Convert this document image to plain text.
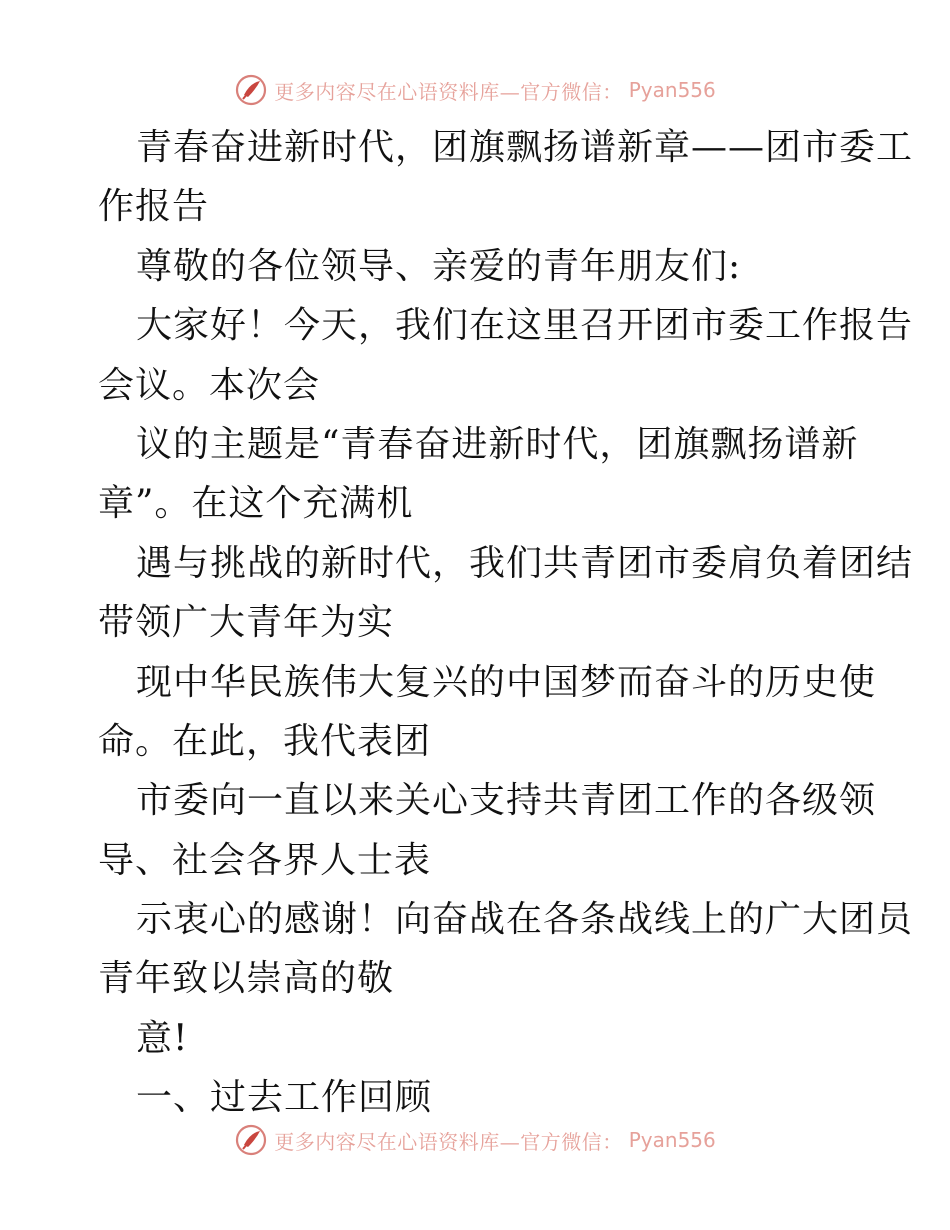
更多内容尽在心语资料库—官方微信： Pyan556
青春奋进新时代，团旗飘扬谱新章——团市委工
作报告
尊敬的各位领导、亲爱的青年朋友们:
大家好！今天，我们在这里召开团市委工作报告
会议。本次会
议的主题是“青春奋进新时代，团旗飘扬谱新
章”。在这个充满机
遇与挑战的新时代，我们共青团市委肩负着团结
带领广大青年为实
现中华民族伟大复兴的中国梦而奋斗的历史使
命。在此，我代表团
市委向一直以来关心支持共青团工作的各级领
导、社会各界人士表
示衷心的感谢！向奋战在各条战线上的广大团员
青年致以崇高的敬
意!
一、过去工作回顾
更多内容尽在心语资料库—官方微信： Pyan556
